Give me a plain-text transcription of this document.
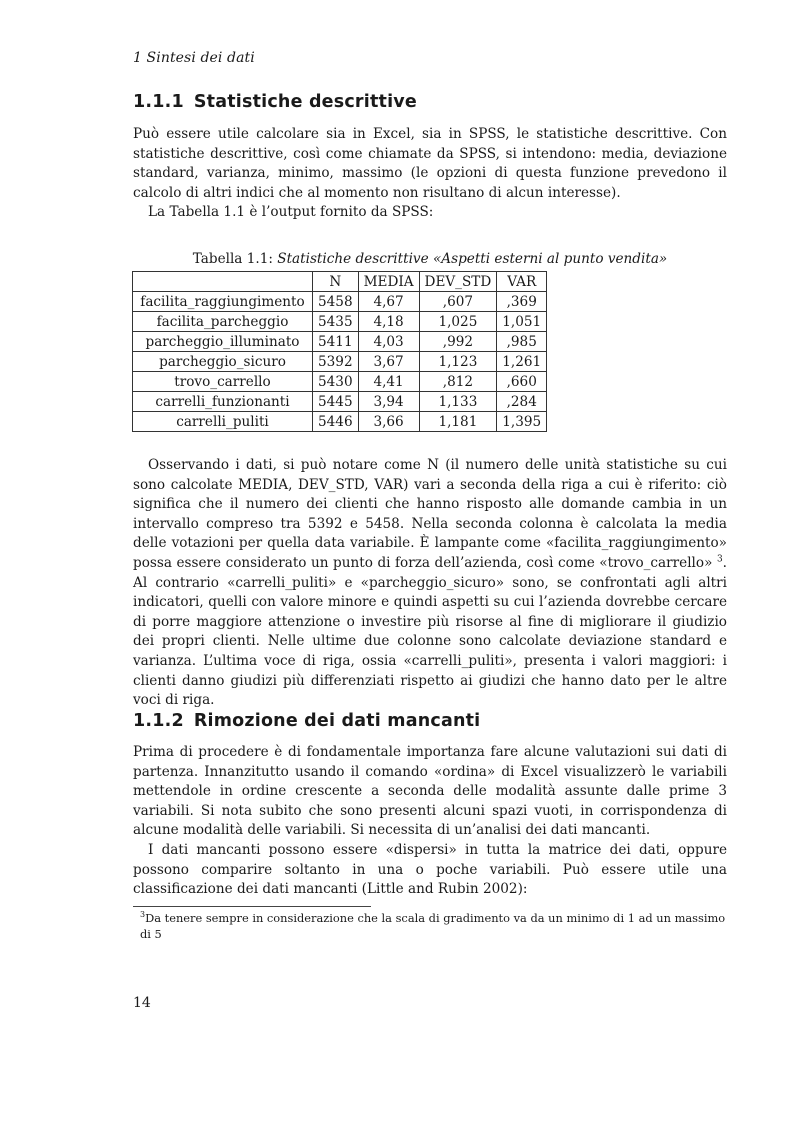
1 Sintesi dei dati
1.1.1 Statistiche descrittive

Può essere utile calcolare sia in Excel, sia in SPSS, le statistiche descrittive. Con statistiche descrittive, così come chiamate da SPSS, si intendono: media, deviazione standard, varianza, minimo, massimo (le opzioni di questa funzione prevedono il calcolo di altri indici che al momento non risultano di alcun interesse).

La Tabella 1.1 è l’output fornito da SPSS:

Tabella 1.1: Statistiche descrittive «Aspetti esterni al punto vendita»
	N	MEDIA	DEV_STD	VAR
facilita_raggiungimento	5458	4,67	,607	,369
facilita_parcheggio	5435	4,18	1,025	1,051
parcheggio_illuminato	5411	4,03	,992	,985
parcheggio_sicuro	5392	3,67	1,123	1,261
trovo_carrello	5430	4,41	,812	,660
carrelli_funzionanti	5445	3,94	1,133	,284
carrelli_puliti	5446	3,66	1,181	1,395

Osservando i dati, si può notare come N (il numero delle unità statistiche su cui sono calcolate MEDIA, DEV_STD, VAR) vari a seconda della riga a cui è riferito: ciò significa che il numero dei clienti che hanno risposto alle domande cambia in un intervallo compreso tra 5392 e 5458. Nella seconda colonna è calcolata la media delle votazioni per quella data variabile. È lampante come «facilita_raggiungimento» possa essere considerato un punto di forza dell’azienda, così come «trovo_carrello» $^3$. Al contrario «carrelli_puliti» e «parcheggio_sicuro» sono, se confrontati agli altri indicatori, quelli con valore minore e quindi aspetti su cui l’azienda dovrebbe cercare di porre maggiore attenzione o investire più risorse al fine di migliorare il giudizio dei propri clienti. Nelle ultime due colonne sono calcolate deviazione standard e varianza. L’ultima voce di riga, ossia «carrelli_puliti», presenta i valori maggiori: i clienti danno giudizi più differenziati rispetto ai giudizi che hanno dato per le altre voci di riga.

1.1.2 Rimozione dei dati mancanti

Prima di procedere è di fondamentale importanza fare alcune valutazioni sui dati di partenza. Innanzitutto usando il comando «ordina» di Excel visualizzerò le variabili mettendole in ordine crescente a seconda delle modalità assunte dalle prime 3 variabili. Si nota subito che sono presenti alcuni spazi vuoti, in corrispondenza di alcune modalità delle variabili. Si necessita di un’analisi dei dati mancanti.

I dati mancanti possono essere «dispersi» in tutta la matrice dei dati, oppure possono comparire soltanto in una o poche variabili. Può essere utile una classificazione dei dati mancanti (Little and Rubin 2002):

$^3$Da tenere sempre in considerazione che la scala di gradimento va da un minimo di 1 ad un massimo di 5
14
